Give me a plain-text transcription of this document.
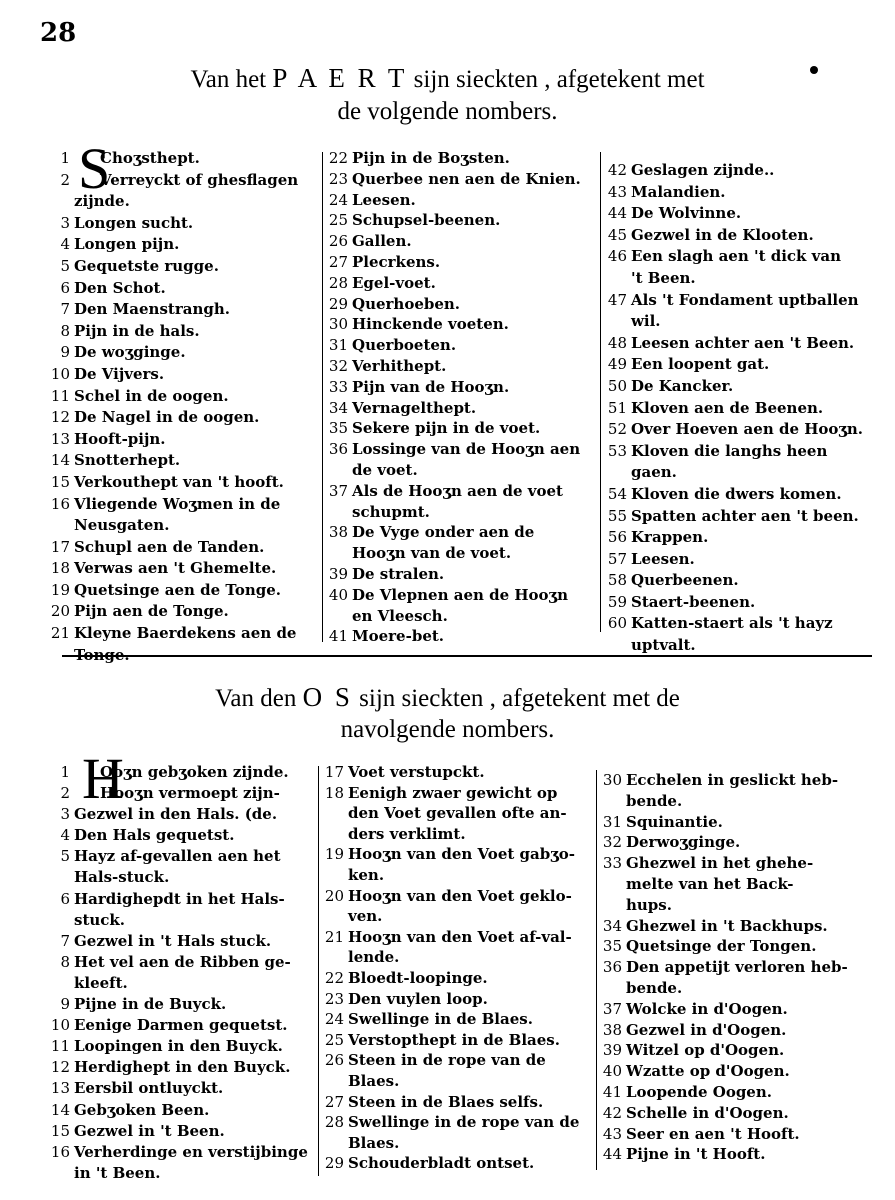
28
Van het P A E R T sijn sieckten , afgetekent met
de volgende nombers.
S
1 Choʒsthept.
2 Verreyckt of ghesflagen
zijnde.
3 Longen sucht.
4 Longen pijn.
5 Gequetste rugge.
6 Den Schot.
7 Den Maenstrangh.
8 Pijn in de hals.
9 De woʒginge.
10 De Vijvers.
11 Schel in de oogen.
12 De Nagel in de oogen.
13 Hooft-pijn.
14 Snotterhept.
15 Verkouthept van 't hooft.
16 Vliegende Woʒmen in de
Neusgaten.
17 Schupl aen de Tanden.
18 Verwas aen 't Ghemelte.
19 Quetsinge aen de Tonge.
20 Pijn aen de Tonge.
21 Kleyne Baerdekens aen de
22 Pijn in de Boʒsten.
23 Querbee nen aen de Knien.
24 Leesen.
25 Schupsel-beenen.
26 Gallen.
27 Plecrkens.
28 Egel-voet.
29 Querhoeben.
30 Hinckende voeten.
31 Querboeten.
32 Verhithept.
33 Pijn van de Hooʒn.
34 Vernagelthept.
35 Sekere pijn in de voet.
36 Lossinge van de Hooʒn aen
de voet.
37 Als de Hooʒn aen de voet
schupmt.
38 De Vyge onder aen de
Hooʒn van de voet.
39 De stralen.
40 De Vlepnen aen de Hooʒn
en Vleesch.
41 Moere-bet.
42 Geslagen zijnde..
43 Malandien.
44 De Wolvinne.
45 Gezwel in de Klooten.
46 Een slagh aen 't dick van
't Been.
47 Als 't Fondament uptballen
wil.
48 Leesen achter aen 't Been.
49 Een loopent gat.
50 De Kancker.
51 Kloven aen de Beenen.
52 Over Hoeven aen de Hooʒn.
53 Kloven die langhs heen
gaen.
54 Kloven die dwers komen.
55 Spatten achter aen 't been.
56 Krappen.
57 Leesen.
58 Querbeenen.
59 Staert-beenen.
60 Katten-staert als 't hayz
uptvalt.
Van den O S sijn sieckten , afgetekent met de
navolgende nombers.
H
1 Ooʒn gebʒoken zijnde.
2 Hooʒn vermoept zijn-
3 Gezwel in den Hals. (de.
4 Den Hals gequetst.
5 Hayz af-gevallen aen het
Hals-stuck.
6 Hardighepdt in het Hals-
stuck.
7 Gezwel in 't Hals stuck.
8 Het vel aen de Ribben ge-
kleeft.
9 Pijne in de Buyck.
10 Eenige Darmen gequetst.
11 Loopingen in den Buyck.
12 Herdighept in den Buyck.
13 Eersbil ontluyckt.
14 Gebʒoken Been.
15 Gezwel in 't Been.
16 Verherdinge en verstijbinge
in 't Been.
17 Voet verstupckt.
18 Eenigh zwaer gewicht op
den Voet gevallen ofte an-
ders verklimt.
19 Hooʒn van den Voet gabʒo-
ken.
20 Hooʒn van den Voet geklo-
ven.
21 Hooʒn van den Voet af-val-
lende.
22 Bloedt-loopinge.
23 Den vuylen loop.
24 Swellinge in de Blaes.
25 Verstopthept in de Blaes.
26 Steen in de rope van de
Blaes.
27 Steen in de Blaes selfs.
28 Swellinge in de rope van de
Blaes.
29 Schouderbladt ontset.
30 Ecchelen in geslickt heb-
bende.
31 Squinantie.
32 Derwoʒginge.
33 Ghezwel in het ghehe-
melte van het Back-
hups.
34 Ghezwel in 't Backhups.
35 Quetsinge der Tongen.
36 Den appetijt verloren heb-
bende.
37 Wolcke in d'Oogen.
38 Gezwel in d'Oogen.
39 Witzel op d'Oogen.
40 Wzatte op d'Oogen.
41 Loopende Oogen.
42 Schelle in d'Oogen.
43 Seer en aen 't Hooft.
44 Pijne in 't Hooft.
